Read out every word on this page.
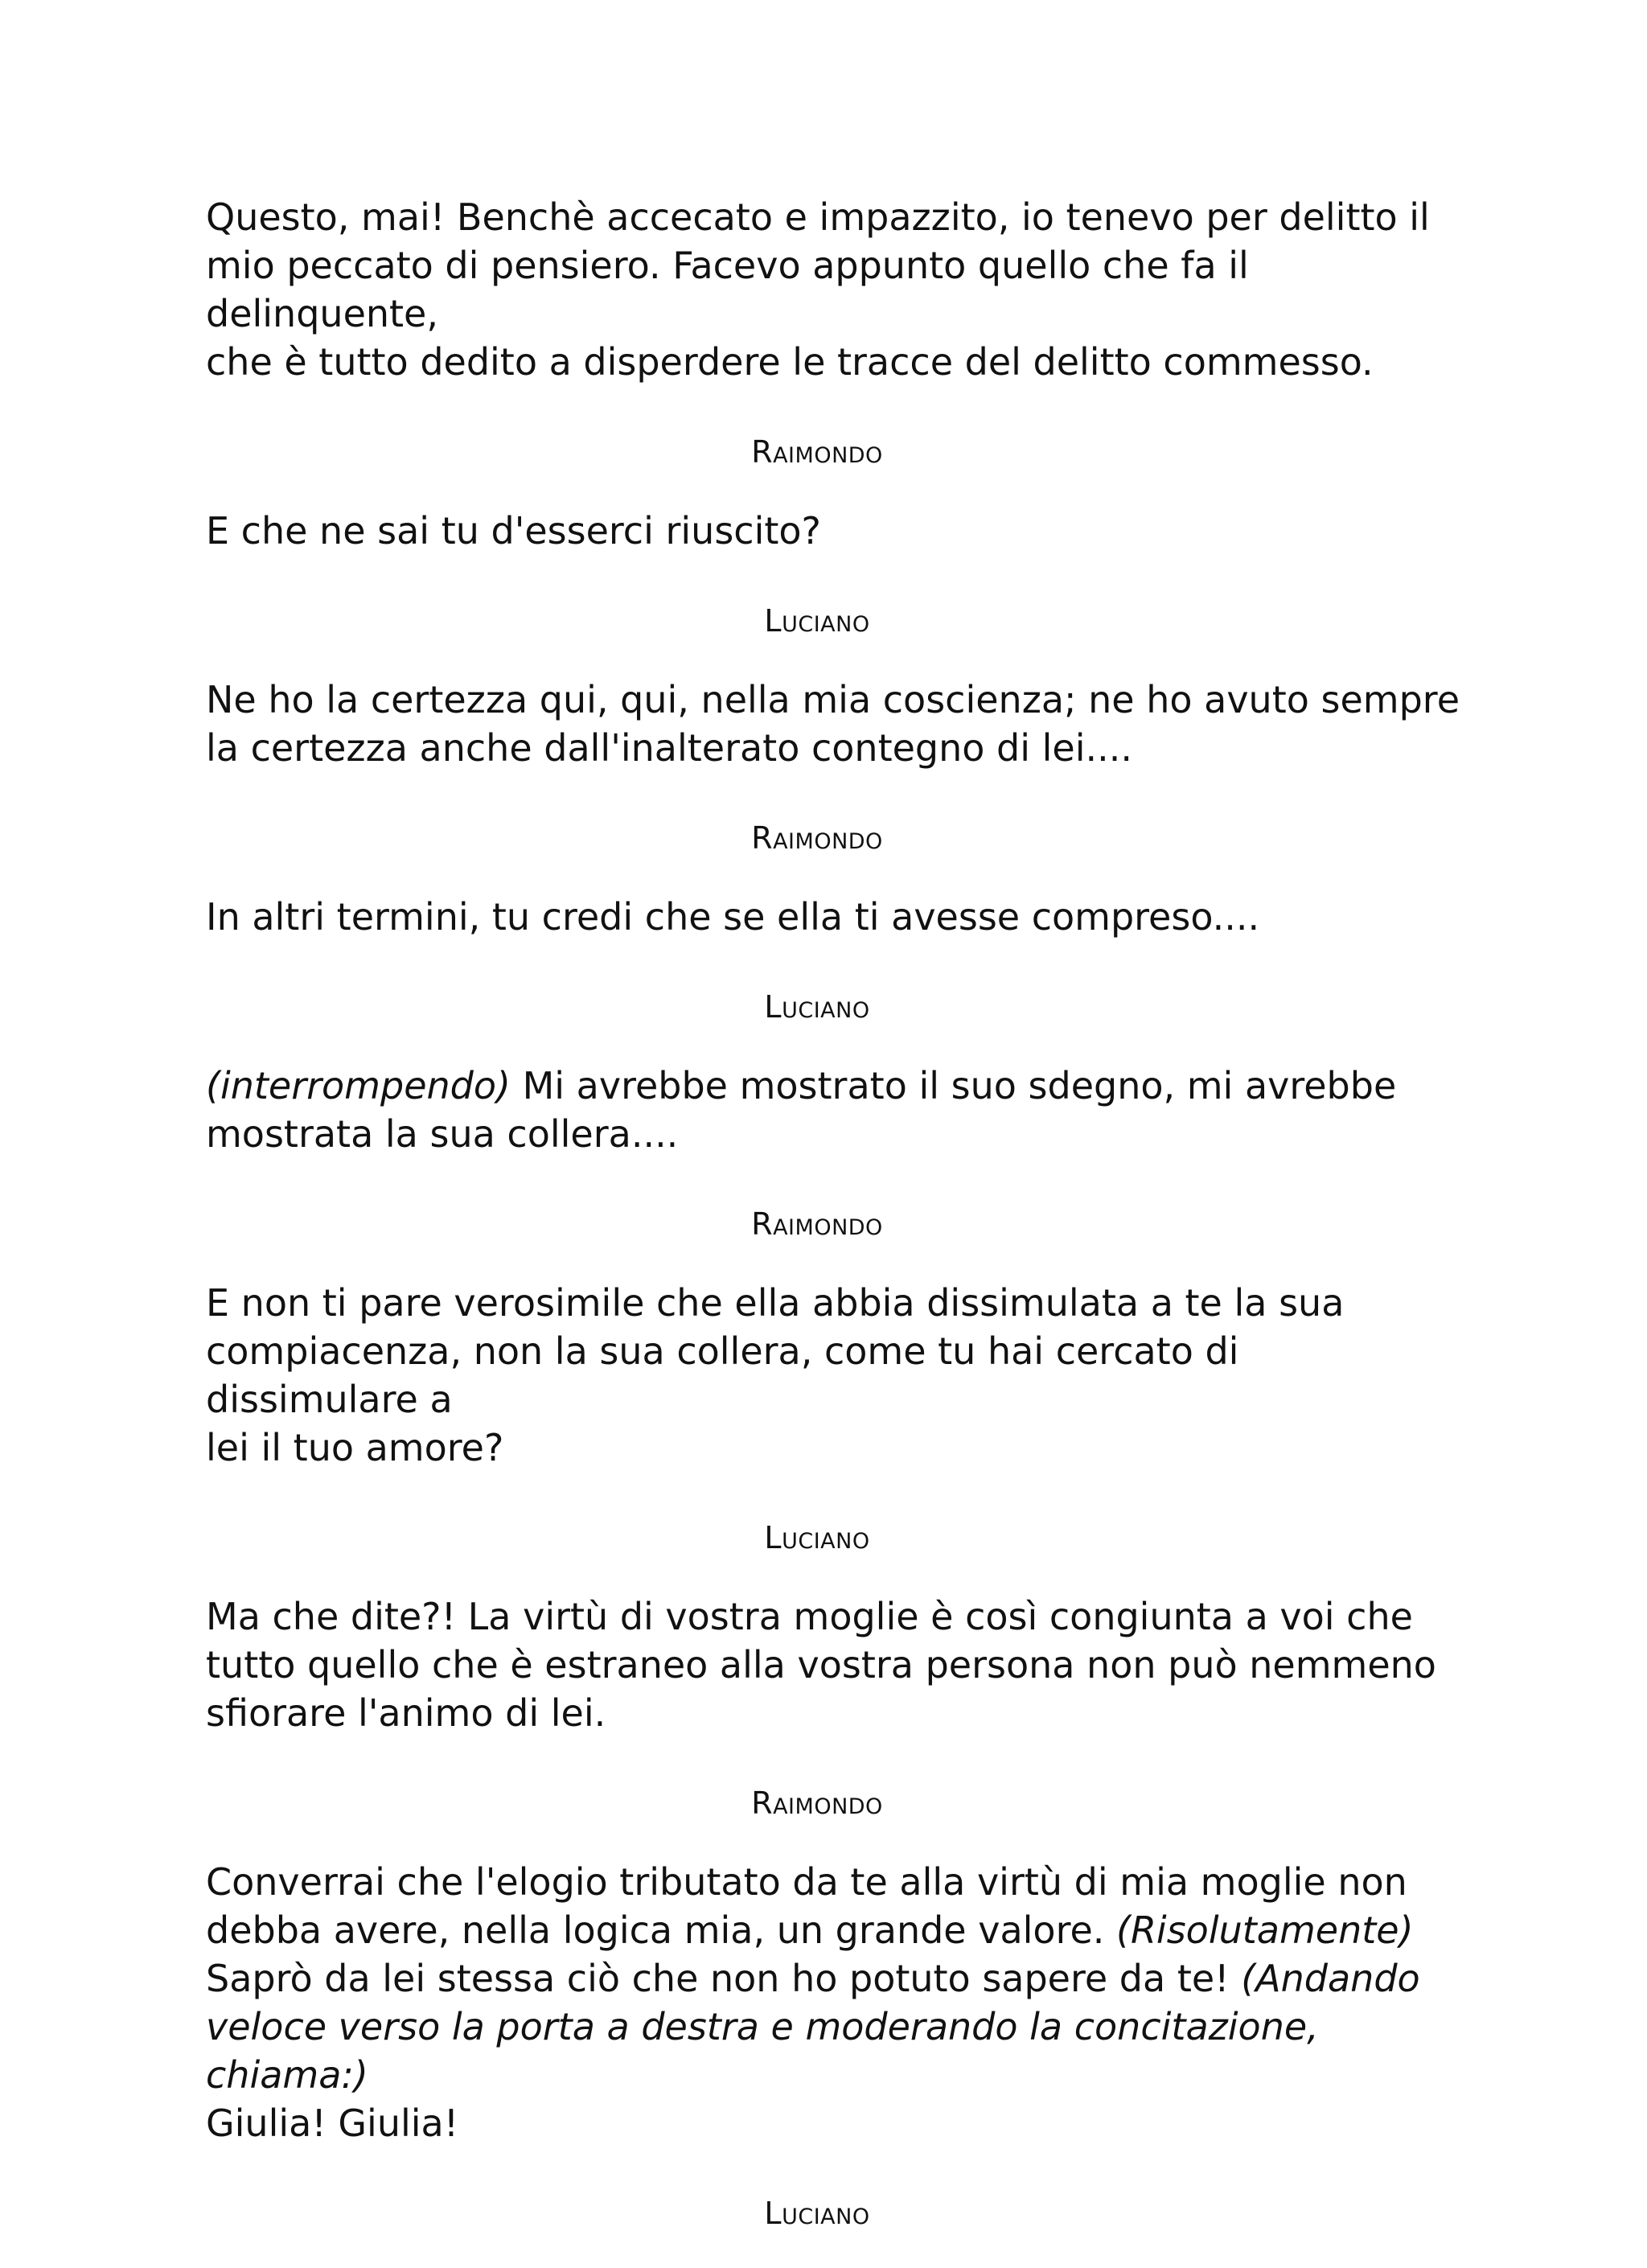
Questo, mai! Benchè accecato e impazzito, io tenevo per delitto il
mio peccato di pensiero. Facevo appunto quello che fa il delinquente,
che è tutto dedito a disperdere le tracce del delitto commesso.
Raimondo
E che ne sai tu d'esserci riuscito?
Luciano
Ne ho la certezza qui, qui, nella mia coscienza; ne ho avuto sempre
la certezza anche dall'inalterato contegno di lei....
Raimondo
In altri termini, tu credi che se ella ti avesse compreso....
Luciano
(interrompendo) Mi avrebbe mostrato il suo sdegno, mi avrebbe
mostrata la sua collera....
Raimondo
E non ti pare verosimile che ella abbia dissimulata a te la sua
compiacenza, non la sua collera, come tu hai cercato di dissimulare a
lei il tuo amore?
Luciano
Ma che dite?! La virtù di vostra moglie è così congiunta a voi che
tutto quello che è estraneo alla vostra persona non può nemmeno
sfiorare l'animo di lei.
Raimondo
Converrai che l'elogio tributato da te alla virtù di mia moglie non
debba avere, nella logica mia, un grande valore. (Risolutamente)
Saprò da lei stessa ciò che non ho potuto sapere da te! (Andando
veloce verso la porta a destra e moderando la concitazione, chiama:)
Giulia! Giulia!
Luciano
